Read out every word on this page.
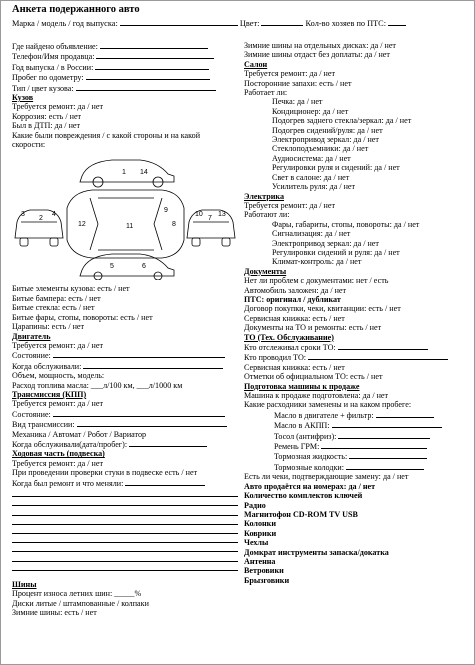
Анкета подержанного авто
Марка / модель / год выпуска:	Цвет:	Кол-во хозяев по ПТС:
Где найдено объявление:
Телефон/Имя продавца:
Год выпуска / в России:
Пробег по одометру:
Тип / цвет кузова:
Кузов
Требуется ремонт: да / нет
Коррозия: есть / нет
Был в ДТП: да / нет
Какие были повреждения / с какой стороны и на какой скорости:
1
2
3	4
5	6
7
8
9
10
11
12
13
14
Битые элементы кузова: есть / нет
Битые бампера: есть / нет
Битые стекла: есть / нет
Битые фары, стопы, повороты: есть / нет
Царапины: есть / нет
Двигатель
Требуется ремонт: да / нет
Состояние:
Когда обслуживали:
Объем, мощность, модель:
Расход топлива масла: ___л/100 км, ___л/1000 км
Трансмиссия (КПП)
Требуется ремонт: да / нет
Состояние:
Вид трансмиссии:
Механика / Автомат / Робот / Вариатор
Когда обслуживали(дата/пробег):
Ходовая часть (подвеска)
Требуется ремонт: да / нет
При проведении проверки стуки в подвеске есть / нет
Когда был ремонт и что меняли:
Шины
Процент износа летних шин: _____%
Диски литые / штампованные / колпаки
Зимние шины: есть / нет
Зимние шины на отдельных дисках: да / нет
Зимние шины отдаст без доплаты: да / нет
Салон
Требуется ремонт: да / нет
Посторонние запахи: есть / нет
Работает ли:
Печка: да / нет
Кондиционер: да / нет
Подогрев заднего стекла/зеркал: да / нет
Подогрев сидений/руля: да / нет
Электропривод зеркал: да / нет
Стеклоподъемники: да / нет
Аудиосистема: да / нет
Регулировки руля и сидений: да / нет
Свет в салоне: да / нет
Усилитель руля: да / нет
Электрика
Требуется ремонт: да / нет
Работают ли:
Фары, габариты, стопы, повороты: да / нет
Сигнализация: да / нет
Электропривод зеркал: да / нет
Регулировки сидений и руля: да / нет
Климат-контроль: да / нет
Документы
Нет ли проблем с документами: нет / есть
Автомобиль заложен: да / нет
ПТС: оригинал / дубликат
Договор покупки, чеки, квитанции: есть / нет
Сервисная книжка: есть / нет
Документы на ТО и ремонты: есть / нет
ТО (Тех. Обслуживание)
Кто отслеживал сроки ТО:
Кто проводил ТО:
Сервисная книжка: есть / нет
Отметки об официальном ТО: есть / нет
Подготовка машины к продаже
Машина к продаже подготовлена: да / нет
Какие расходники заменены и на каком пробеге:
Масло в двигателе + фильтр:
Масло в АКПП:
Тосол (антифриз):
Ремень ГРМ:
Тормозная жидкость:
Тормозные колодки:
Есть ли чеки, подтверждающие замену: да / нет
Авто продаётся на номерах: да / нет
Количество комплектов ключей
Радио
Магнитофон CD-ROM TV USB
Колонки
Коврики
Чехлы
Домкрат инструменты запаска/докатка
Антенна
Ветровики
Брызговики
